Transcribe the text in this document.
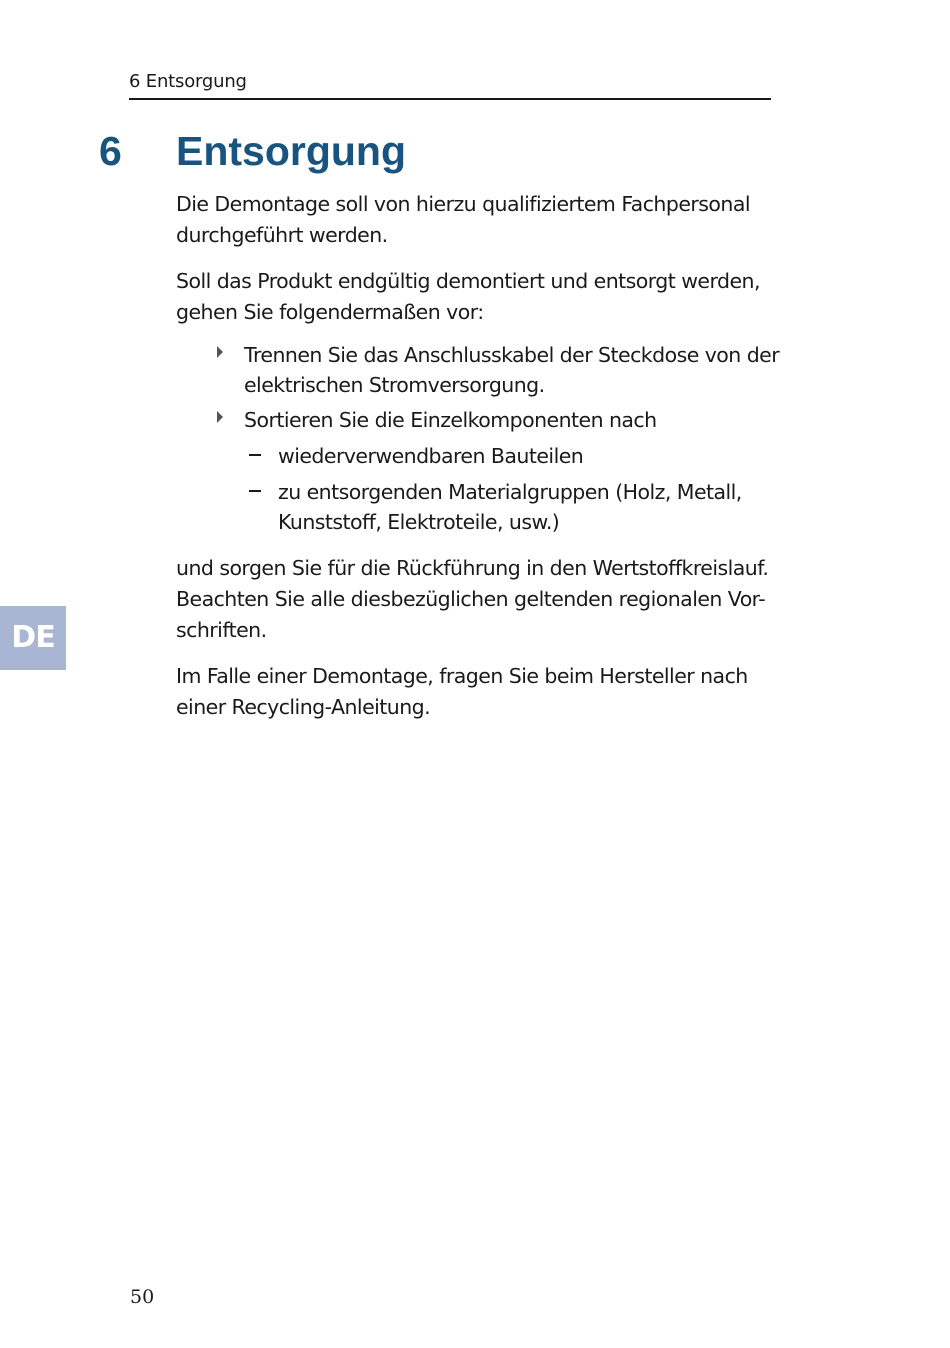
6 Entsorgung
6 Entsorgung

Die Demontage soll von hierzu qualifiziertem Fachpersonal durchgeführt werden.

Soll das Produkt endgültig demontiert und entsorgt werden, gehen Sie folgendermaßen vor:

Trennen Sie das Anschlusskabel der Steckdose von der elektrischen Stromversorgung.
Sortieren Sie die Einzelkomponenten nach
wiederverwendbaren Bauteilen
zu entsorgenden Materialgruppen (Holz, Metall, Kunststoff, Elektroteile, usw.)

und sorgen Sie für die Rückführung in den Wertstoffkreislauf. Beachten Sie alle diesbezüglichen geltenden regionalen Vor-schriften.

Im Falle einer Demontage, fragen Sie beim Hersteller nach einer Recycling-Anleitung.

DE
50
